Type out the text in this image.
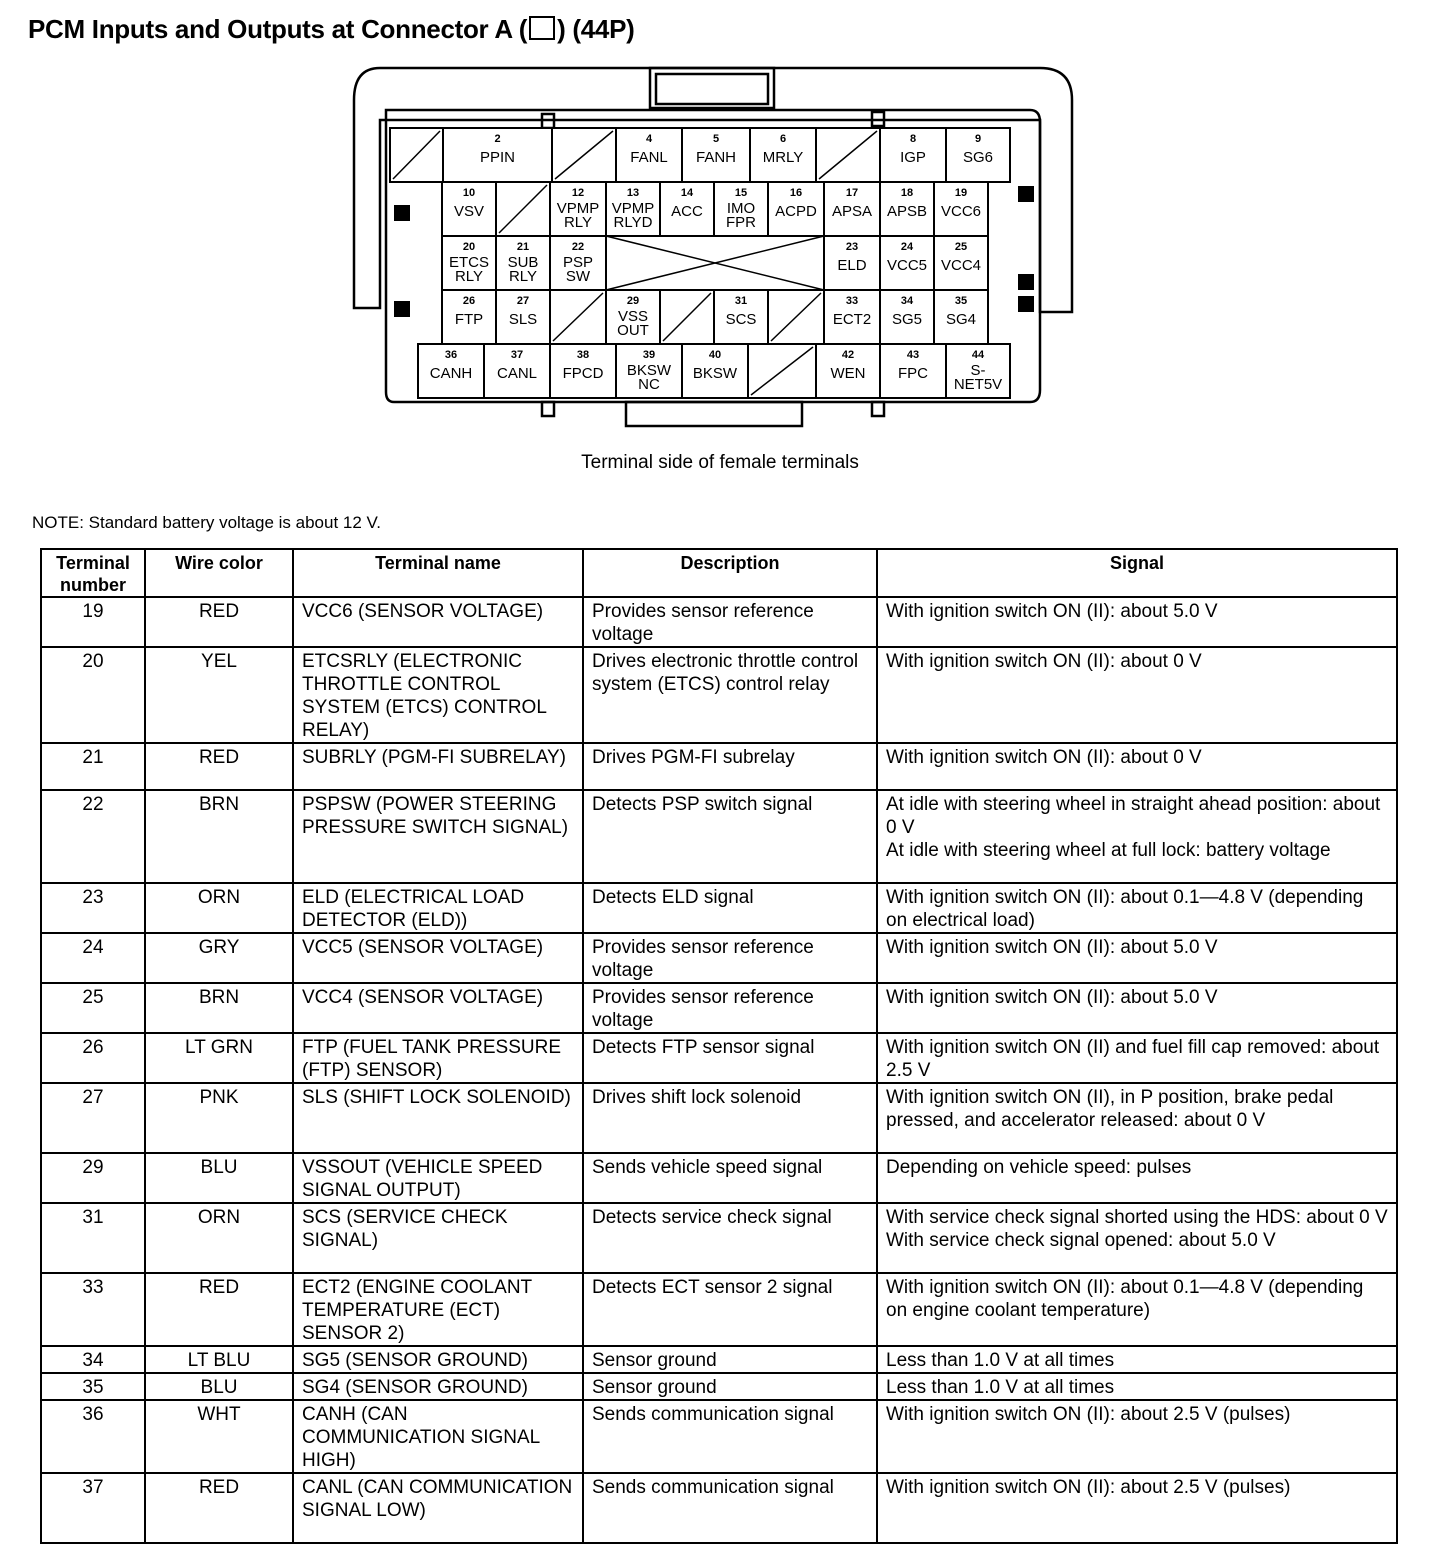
PCM Inputs and Outputs at Connector A ( ) (44P)
2
PPIN
4
FANL
5
FANH
6
MRLY
8
IGP
9
SG6
10
VSV
12
VPMP
RLY
13
VPMP
RLYD
14
ACC
15
IMO
FPR
16
ACPD
17
APSA
18
APSB
19
VCC6
20
ETCS
RLY
21
SUB
RLY
22
PSP
SW
23
ELD
24
VCC5
25
VCC4
26
FTP
27
SLS
29
VSS
OUT
31
SCS
33
ECT2
34
SG5
35
SG4
36
CANH
37
CANL
38
FPCD
39
BKSW
NC
40
BKSW
42
WEN
43
FPC
44
S-
NET5V
Terminal side of female terminals
NOTE: Standard battery voltage is about 12 V.
Terminal number	Wire color	Terminal name	Description	Signal
19	RED	VCC6 (SENSOR VOLTAGE)	Provides sensor reference voltage	With ignition switch ON (II): about 5.0 V
20	YEL	ETCSRLY (ELECTRONIC THROTTLE CONTROL SYSTEM (ETCS) CONTROL RELAY)	Drives electronic throttle control system (ETCS) control relay	With ignition switch ON (II): about 0 V
21	RED	SUBRLY (PGM-FI SUBRELAY)	Drives PGM-FI subrelay	With ignition switch ON (II): about 0 V
22	BRN	PSPSW (POWER STEERING PRESSURE SWITCH SIGNAL)	Detects PSP switch signal	At idle with steering wheel in straight ahead position: about 0 V
At idle with steering wheel at full lock: battery voltage
23	ORN	ELD (ELECTRICAL LOAD DETECTOR (ELD))	Detects ELD signal	With ignition switch ON (II): about 0.1—4.8 V (depending on electrical load)
24	GRY	VCC5 (SENSOR VOLTAGE)	Provides sensor reference voltage	With ignition switch ON (II): about 5.0 V
25	BRN	VCC4 (SENSOR VOLTAGE)	Provides sensor reference voltage	With ignition switch ON (II): about 5.0 V
26	LT GRN	FTP (FUEL TANK PRESSURE (FTP) SENSOR)	Detects FTP sensor signal	With ignition switch ON (II) and fuel fill cap removed: about 2.5 V
27	PNK	SLS (SHIFT LOCK SOLENOID)	Drives shift lock solenoid	With ignition switch ON (II), in P position, brake pedal pressed, and accelerator released: about 0 V
29	BLU	VSSOUT (VEHICLE SPEED SIGNAL OUTPUT)	Sends vehicle speed signal	Depending on vehicle speed: pulses
31	ORN	SCS (SERVICE CHECK SIGNAL)	Detects service check signal	With service check signal shorted using the HDS: about 0 V
With service check signal opened: about 5.0 V
33	RED	ECT2 (ENGINE COOLANT TEMPERATURE (ECT) SENSOR 2)	Detects ECT sensor 2 signal	With ignition switch ON (II): about 0.1—4.8 V (depending on engine coolant temperature)
34	LT BLU	SG5 (SENSOR GROUND)	Sensor ground	Less than 1.0 V at all times
35	BLU	SG4 (SENSOR GROUND)	Sensor ground	Less than 1.0 V at all times
36	WHT	CANH (CAN COMMUNICATION SIGNAL HIGH)	Sends communication signal	With ignition switch ON (II): about 2.5 V (pulses)
37	RED	CANL (CAN COMMUNICATION SIGNAL LOW)	Sends communication signal	With ignition switch ON (II): about 2.5 V (pulses)
